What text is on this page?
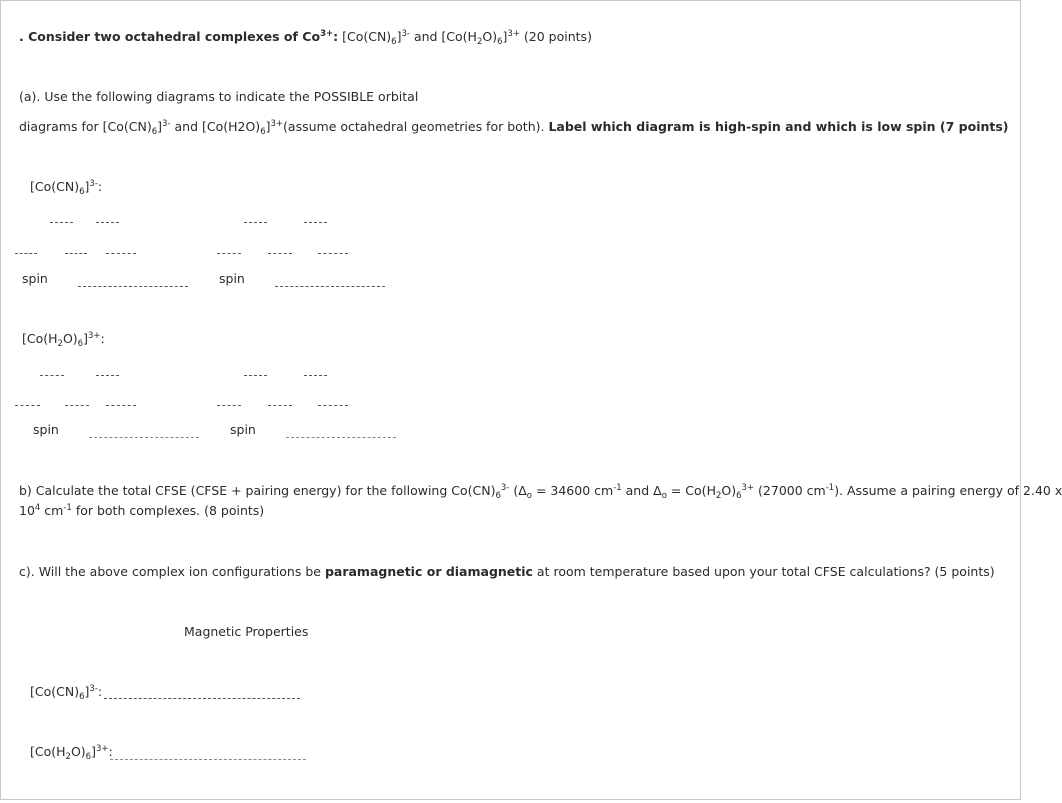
. Consider two octahedral complexes of $Co^{3+}$: $[Co(CN)_6]^{3-}$ and $[Co(H_2O)_6]^{3+}$ (20 points)
(a). Use the following diagrams to indicate the POSSIBLE orbital
diagrams for $[Co(CN)_6]^{3-}$ and $[Co(H2O)_6]^{3+}(assume$ octahedral geometries for both). Label which diagram is high-spin and which is low spin (7 points)
$[Co(CN)_6]^{3-}$:
spin	spin
$[Co(H_2O)_6]^{3+}$:
spin	spin
b) Calculate the total CFSE (CFSE + pairing energy) for the following $Co(CN)_6^{3-}$ ($\Delta_o = 34600$ $cm^{-1}$ and $\Delta_o = Co(H_2O)_6^{3+}$ (27000 $cm^{-1}$). Assume a pairing energy of 2.40 x
$10^4$ $cm^{-1}$ for both complexes. (8 points)
c). Will the above complex ion configurations be paramagnetic or diamagnetic at room temperature based upon your total CFSE calculations? (5 points)
Magnetic Properties
$[Co(CN)_6]^{3-}$:
$[Co(H_2O)_6]^{3+}$:
